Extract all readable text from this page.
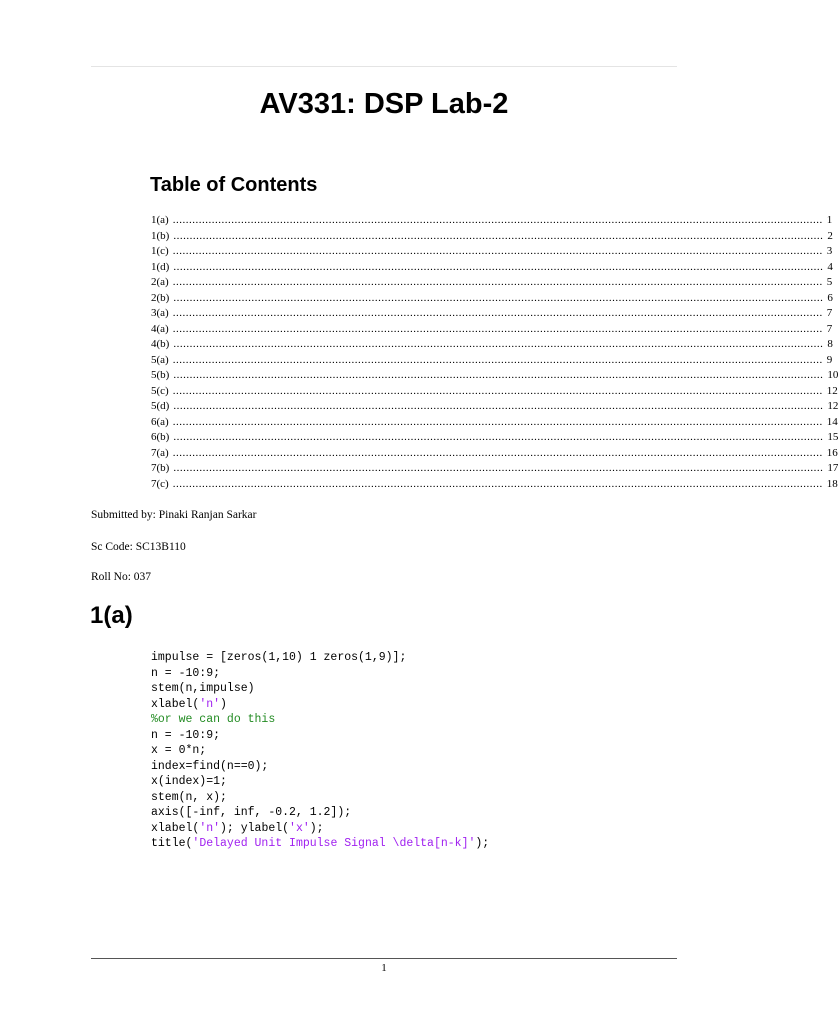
AV331: DSP Lab-2
Table of Contents
1(a) ........................................................................................................................................................................................................ 1
1(b) ........................................................................................................................................................................................................ 2
1(c) ........................................................................................................................................................................................................ 3
1(d) ........................................................................................................................................................................................................ 4
2(a) ........................................................................................................................................................................................................ 5
2(b) ........................................................................................................................................................................................................ 6
3(a) ........................................................................................................................................................................................................ 7
4(a) ........................................................................................................................................................................................................ 7
4(b) ........................................................................................................................................................................................................ 8
5(a) ........................................................................................................................................................................................................ 9
5(b) ........................................................................................................................................................................................................ 10
5(c) ........................................................................................................................................................................................................ 12
5(d) ........................................................................................................................................................................................................ 12
6(a) ........................................................................................................................................................................................................ 14
6(b) ........................................................................................................................................................................................................ 15
7(a) ........................................................................................................................................................................................................ 16
7(b) ........................................................................................................................................................................................................ 17
7(c) ........................................................................................................................................................................................................ 18
Submitted by: Pinaki Ranjan Sarkar
Sc Code: SC13B110
Roll No: 037
1(a)
impulse = [zeros(1,10) 1 zeros(1,9)];
n = -10:9;
stem(n,impulse)
xlabel('n')
%or we can do this
n = -10:9;
x = 0*n;
index=find(n==0);
x(index)=1;
stem(n, x);
axis([-inf, inf, -0.2, 1.2]);
xlabel('n'); ylabel('x');
title('Delayed Unit Impulse Signal \delta[n-k]');
1
